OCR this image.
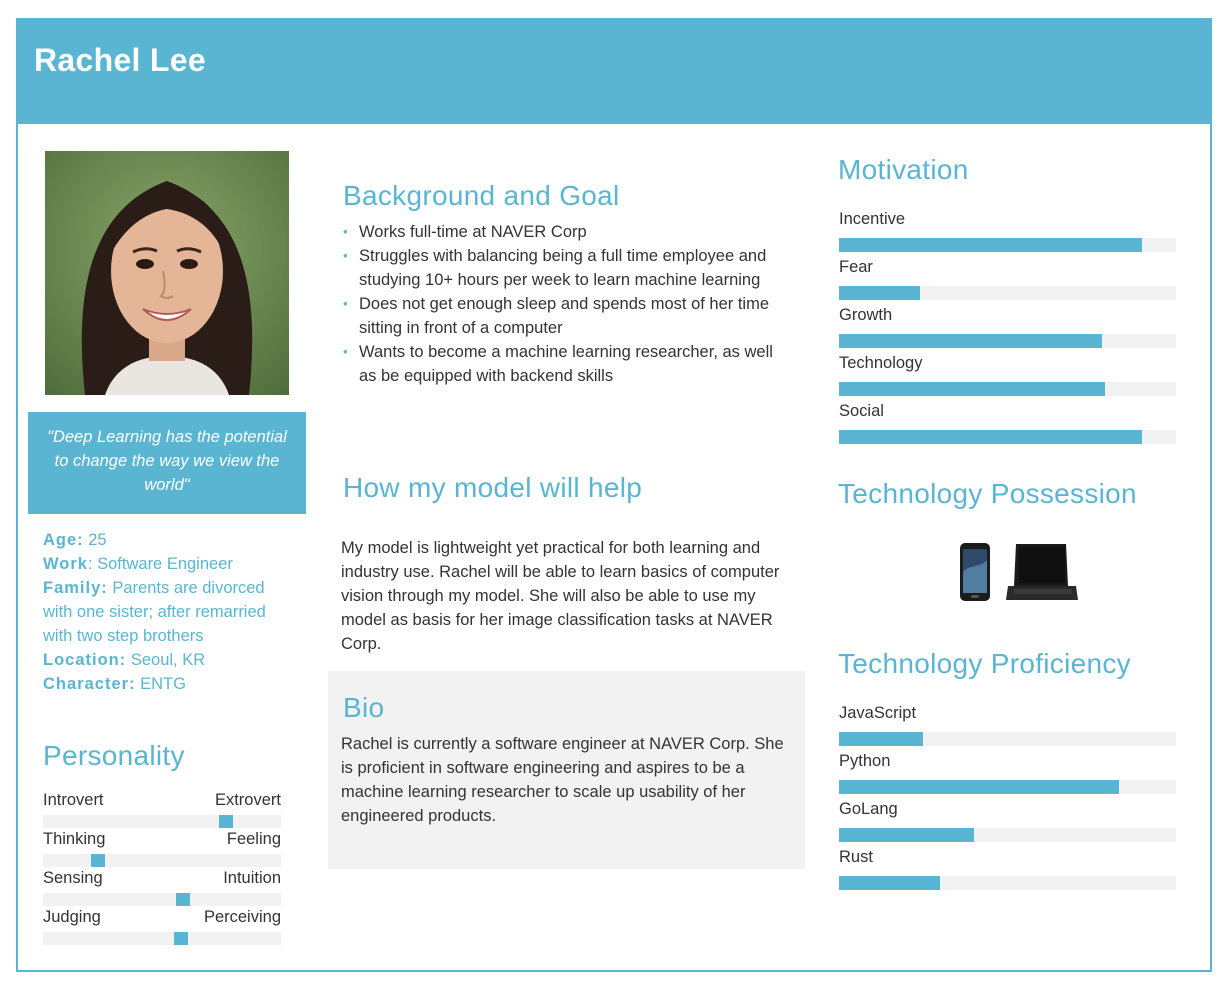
Rachel Lee
"Deep Learning has the potential to change the way we view the world"
Age: 25
Work: Software Engineer
Family: Parents are divorced with one sister; after remarried with two step brothers
Location: Seoul, KR
Character: ENTG
Personality
Introvert	Extrovert
Thinking	Feeling
Sensing	Intuition
Judging	Perceiving
Background and Goal
• Works full-time at NAVER Corp
• Struggles with balancing being a full time employee and studying 10+ hours per week to learn machine learning
• Does not get enough sleep and spends most of her time sitting in front of a computer
• Wants to become a machine learning researcher, as well as be equipped with backend skills
How my model will help
My model is lightweight yet practical for both learning and industry use. Rachel will be able to learn basics of computer vision through my model. She will also be able to use my model as basis for her image classification tasks at NAVER Corp.
Bio
Rachel is currently a software engineer at NAVER Corp. She is proficient in software engineering and aspires to be a machine learning researcher to scale up usability of her engineered products.
Motivation
Incentive
Fear
Growth
Technology
Social
Technology Possession
Technology Proficiency
JavaScript
Python
GoLang
Rust
